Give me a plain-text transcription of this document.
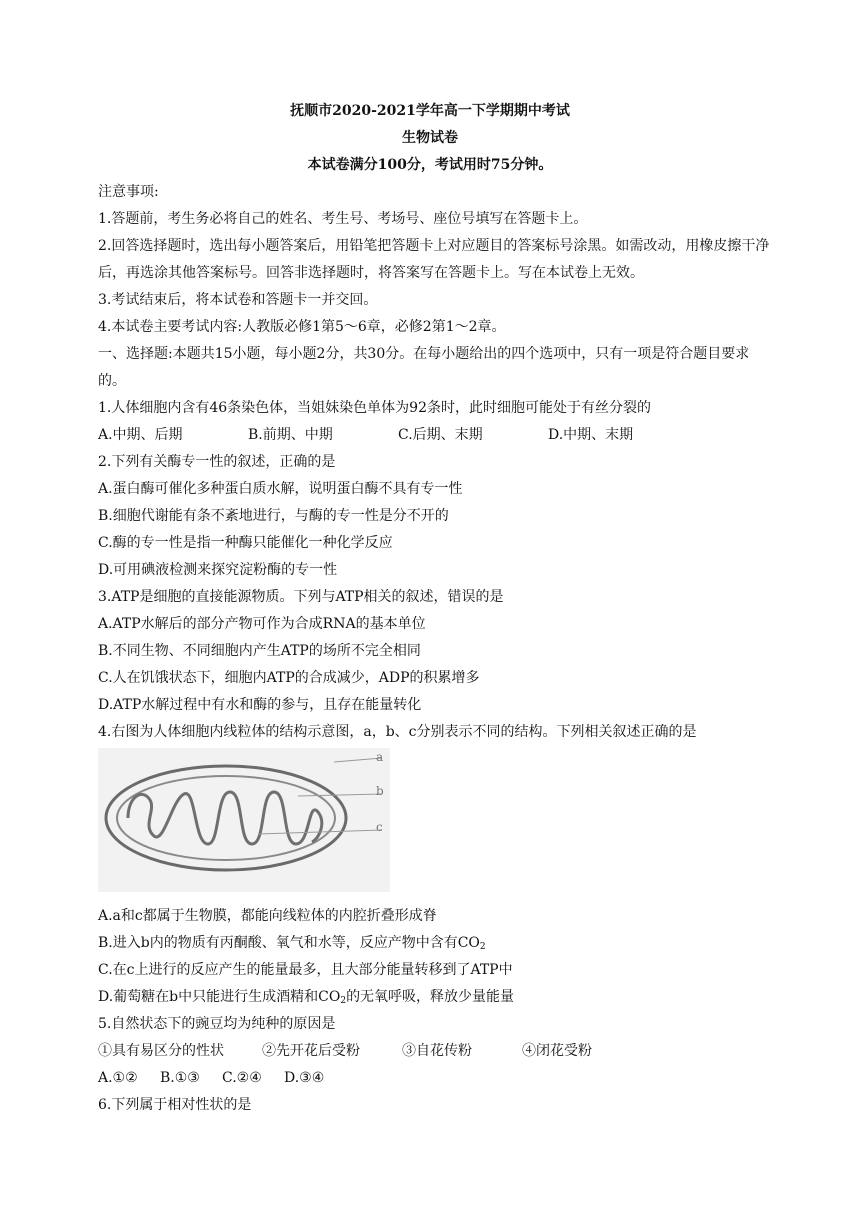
抚顺市2020-2021学年高一下学期期中考试
生物试卷
本试卷满分100分，考试用时75分钟。
注意事项:
1.答题前，考生务必将自己的姓名、考生号、考场号、座位号填写在答题卡上。
2.回答选择题时，选出每小题答案后，用铅笔把答题卡上对应题目的答案标号涂黑。如需改动，用橡皮擦干净
后，再选涂其他答案标号。回答非选择题时，将答案写在答题卡上。写在本试卷上无效。
3.考试结束后，将本试卷和答题卡一并交回。
4.本试卷主要考试内容:人教版必修1第5～6章，必修2第1～2章。
一、选择题:本题共15小题，每小题2分，共30分。在每小题给出的四个选项中，只有一项是符合题目要求
的。
1.人体细胞内含有46条染色体，当姐妹染色单体为92条时，此时细胞可能处于有丝分裂的
A.中期、后期	B.前期、中期	C.后期、末期	D.中期、末期
2.下列有关酶专一性的叙述，正确的是
A.蛋白酶可催化多种蛋白质水解，说明蛋白酶不具有专一性
B.细胞代谢能有条不紊地进行，与酶的专一性是分不开的
C.酶的专一性是指一种酶只能催化一种化学反应
D.可用碘液检测来探究淀粉酶的专一性
3.ATP是细胞的直接能源物质。下列与ATP相关的叙述，错误的是
A.ATP水解后的部分产物可作为合成RNA的基本单位
B.不同生物、不同细胞内产生ATP的场所不完全相同
C.人在饥饿状态下，细胞内ATP的合成减少，ADP的积累增多
D.ATP水解过程中有水和酶的参与，且存在能量转化
4.右图为人体细胞内线粒体的结构示意图，a，b、c分别表示不同的结构。下列相关叙述正确的是
a
b
c
A.a和c都属于生物膜，都能向线粒体的内腔折叠形成脊
B.进入b内的物质有丙酮酸、氧气和水等，反应产物中含有$CO_2$
C.在c上进行的反应产生的能量最多，且大部分能量转移到了ATP中
D.葡萄糖在b中只能进行生成酒精和$CO_2$的无氧呼吸，释放少量能量
5.自然状态下的豌豆均为纯种的原因是
①具有易区分的性状	②先开花后受粉	③自花传粉	④闭花受粉
A.①② B.①③ C.②④ D.③④
6.下列属于相对性状的是
